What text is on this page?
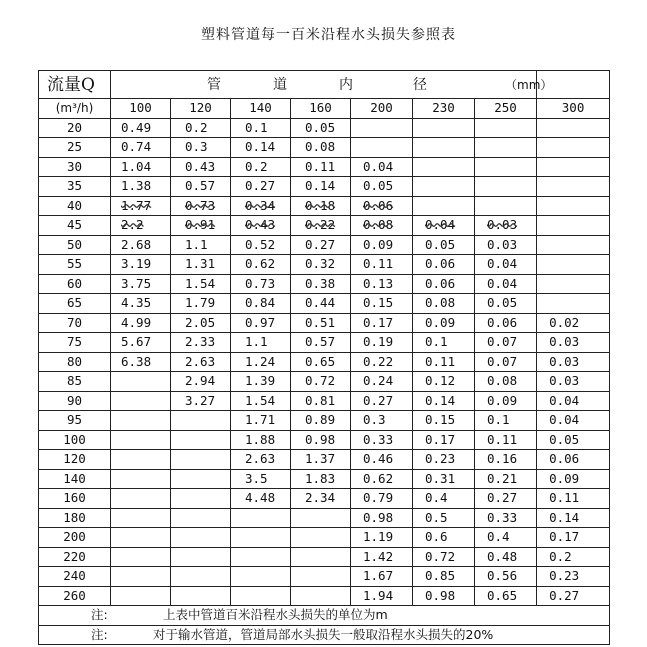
塑料管道每一百米沿程水头损失参照表
流量Q	管 道 内 径 （mm）							
(m³/h)	100	120	140	160	200	230	250	300
20	0.49	0.2	0.1	0.05				
25	0.74	0.3	0.14	0.08				
30	1.04	0.43	0.2	0.11	0.04			
35	1.38	0.57	0.27	0.14	0.05			
40	1.77	0.73	0.34	0.18	0.06			
45	2.2	0.91	0.43	0.22	0.08	0.04	0.03	
50	2.68	1.1	0.52	0.27	0.09	0.05	0.03	
55	3.19	1.31	0.62	0.32	0.11	0.06	0.04	
60	3.75	1.54	0.73	0.38	0.13	0.06	0.04	
65	4.35	1.79	0.84	0.44	0.15	0.08	0.05	
70	4.99	2.05	0.97	0.51	0.17	0.09	0.06	0.02
75	5.67	2.33	1.1	0.57	0.19	0.1	0.07	0.03
80	6.38	2.63	1.24	0.65	0.22	0.11	0.07	0.03
85		2.94	1.39	0.72	0.24	0.12	0.08	0.03
90		3.27	1.54	0.81	0.27	0.14	0.09	0.04
95			1.71	0.89	0.3	0.15	0.1	0.04
100			1.88	0.98	0.33	0.17	0.11	0.05
120			2.63	1.37	0.46	0.23	0.16	0.06
140			3.5	1.83	0.62	0.31	0.21	0.09
160			4.48	2.34	0.79	0.4	0.27	0.11
180					0.98	0.5	0.33	0.14
200					1.19	0.6	0.4	0.17
220					1.42	0.72	0.48	0.2
240					1.67	0.85	0.56	0.23
260					1.94	0.98	0.65	0.27
注: 上表中管道百米沿程水头损失的单位为m								
注: 对于输水管道，管道局部水头损失一般取沿程水头损失的20%								
